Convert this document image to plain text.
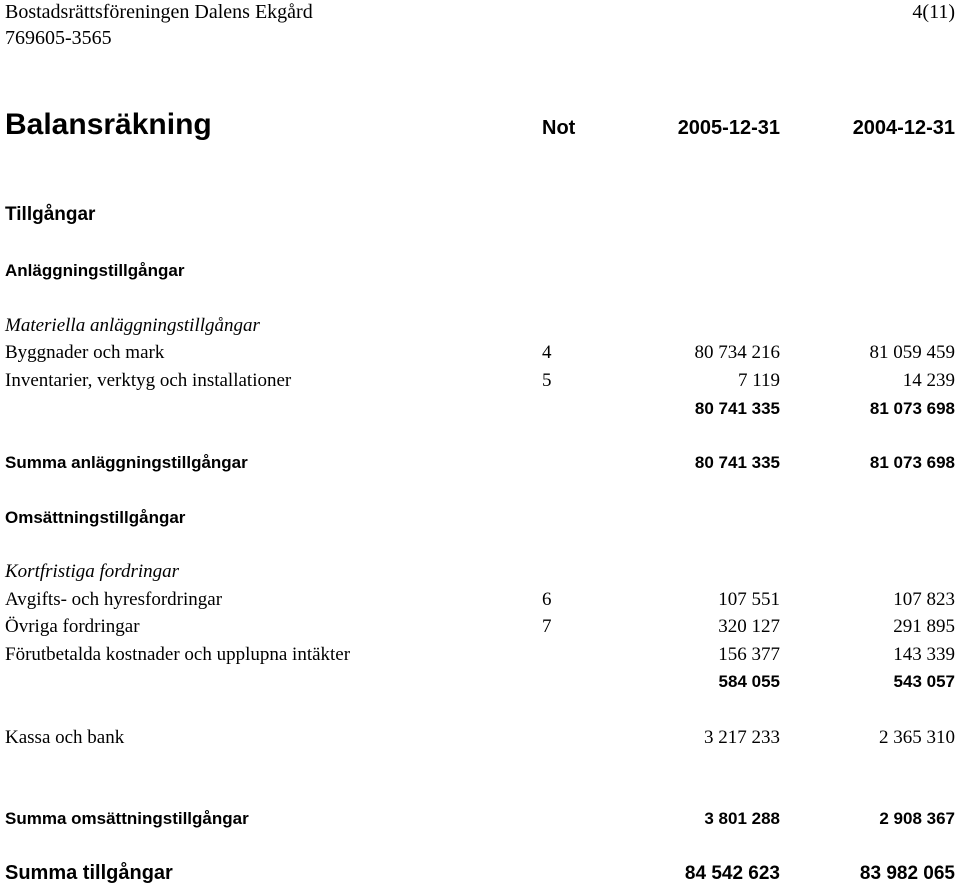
Bostadsrättsföreningen Dalens Ekgård
769605-3565
4(11)
Balansräkning	Not	2005-12-31	2004-12-31
Tillgångar
Anläggningstillgångar
Materiella anläggningstillgångar
Byggnader och mark	4	80 734 216	81 059 459
Inventarier, verktyg och installationer	5	7 119	14 239
80 741 335	81 073 698
Summa anläggningstillgångar	80 741 335	81 073 698
Omsättningstillgångar
Kortfristiga fordringar
Avgifts- och hyresfordringar	6	107 551	107 823
Övriga fordringar	7	320 127	291 895
Förutbetalda kostnader och upplupna intäkter	156 377	143 339
584 055	543 057
Kassa och bank	3 217 233	2 365 310
Summa omsättningstillgångar	3 801 288	2 908 367
Summa tillgångar	84 542 623	83 982 065
